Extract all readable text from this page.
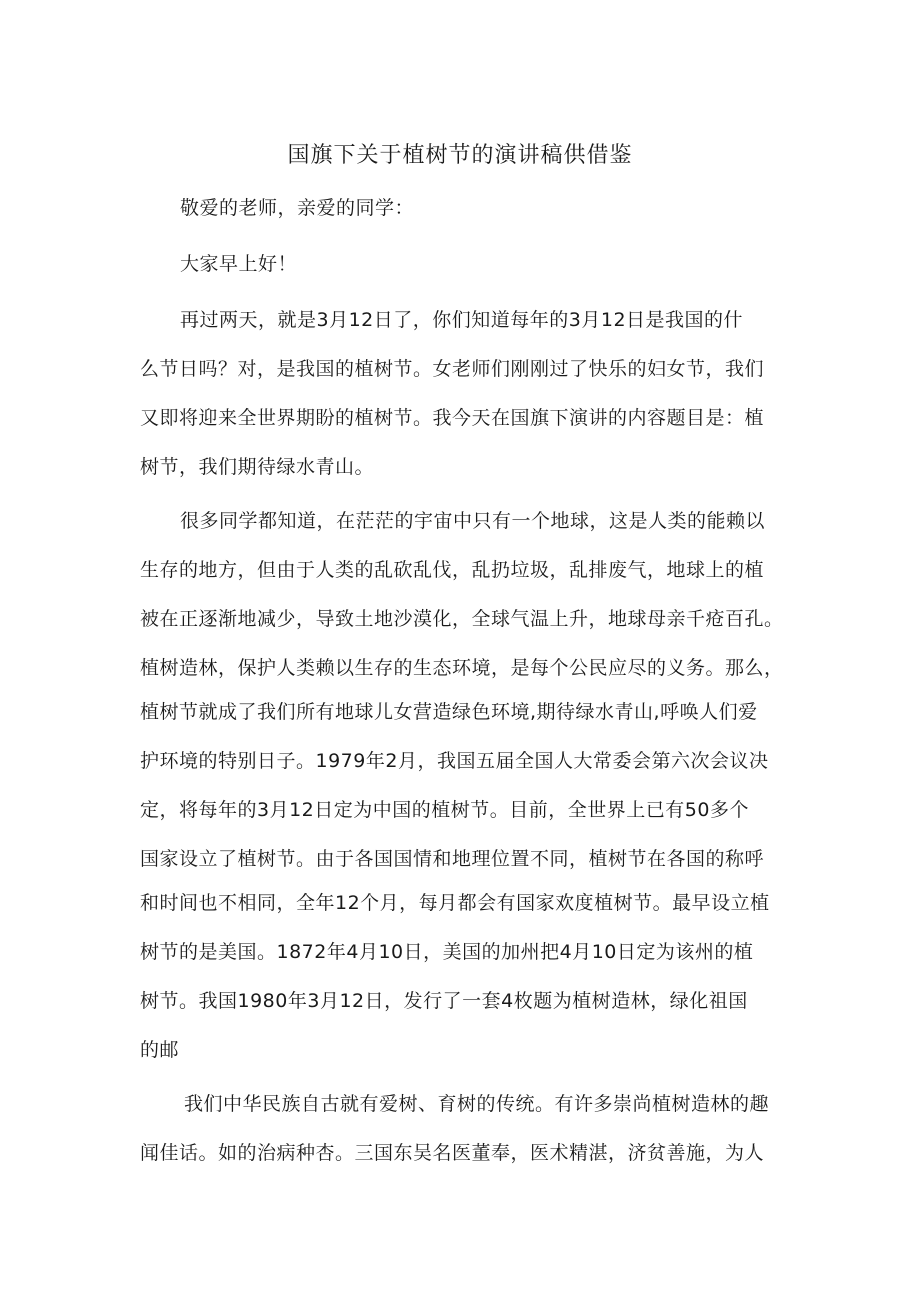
国旗下关于植树节的演讲稿供借鉴
敬爱的老师，亲爱的同学：
大家早上好！
再过两天，就是3月12日了，你们知道每年的3月12日是我国的什
么节日吗？对，是我国的植树节。女老师们刚刚过了快乐的妇女节，我们
又即将迎来全世界期盼的植树节。我今天在国旗下演讲的内容题目是：植
树节，我们期待绿水青山。
很多同学都知道，在茫茫的宇宙中只有一个地球，这是人类的能赖以
生存的地方，但由于人类的乱砍乱伐，乱扔垃圾，乱排废气，地球上的植
被在正逐渐地减少，导致土地沙漠化，全球气温上升，地球母亲千疮百孔。
植树造林，保护人类赖以生存的生态环境，是每个公民应尽的义务。那么，
植树节就成了我们所有地球儿女营造绿色环境,期待绿水青山,呼唤人们爱
护环境的特别日子。1979年2月，我国五届全国人大常委会第六次会议决
定，将每年的3月12日定为中国的植树节。目前，全世界上已有50多个
国家设立了植树节。由于各国国情和地理位置不同，植树节在各国的称呼
和时间也不相同，全年12个月，每月都会有国家欢度植树节。最早设立植
树节的是美国。1872年4月10日，美国的加州把4月10日定为该州的植
树节。我国1980年3月12日，发行了一套4枚题为植树造林，绿化祖国
的邮
我们中华民族自古就有爱树、育树的传统。有许多崇尚植树造林的趣
闻佳话。如的治病种杏。三国东吴名医董奉，医术精湛，济贫善施，为人
